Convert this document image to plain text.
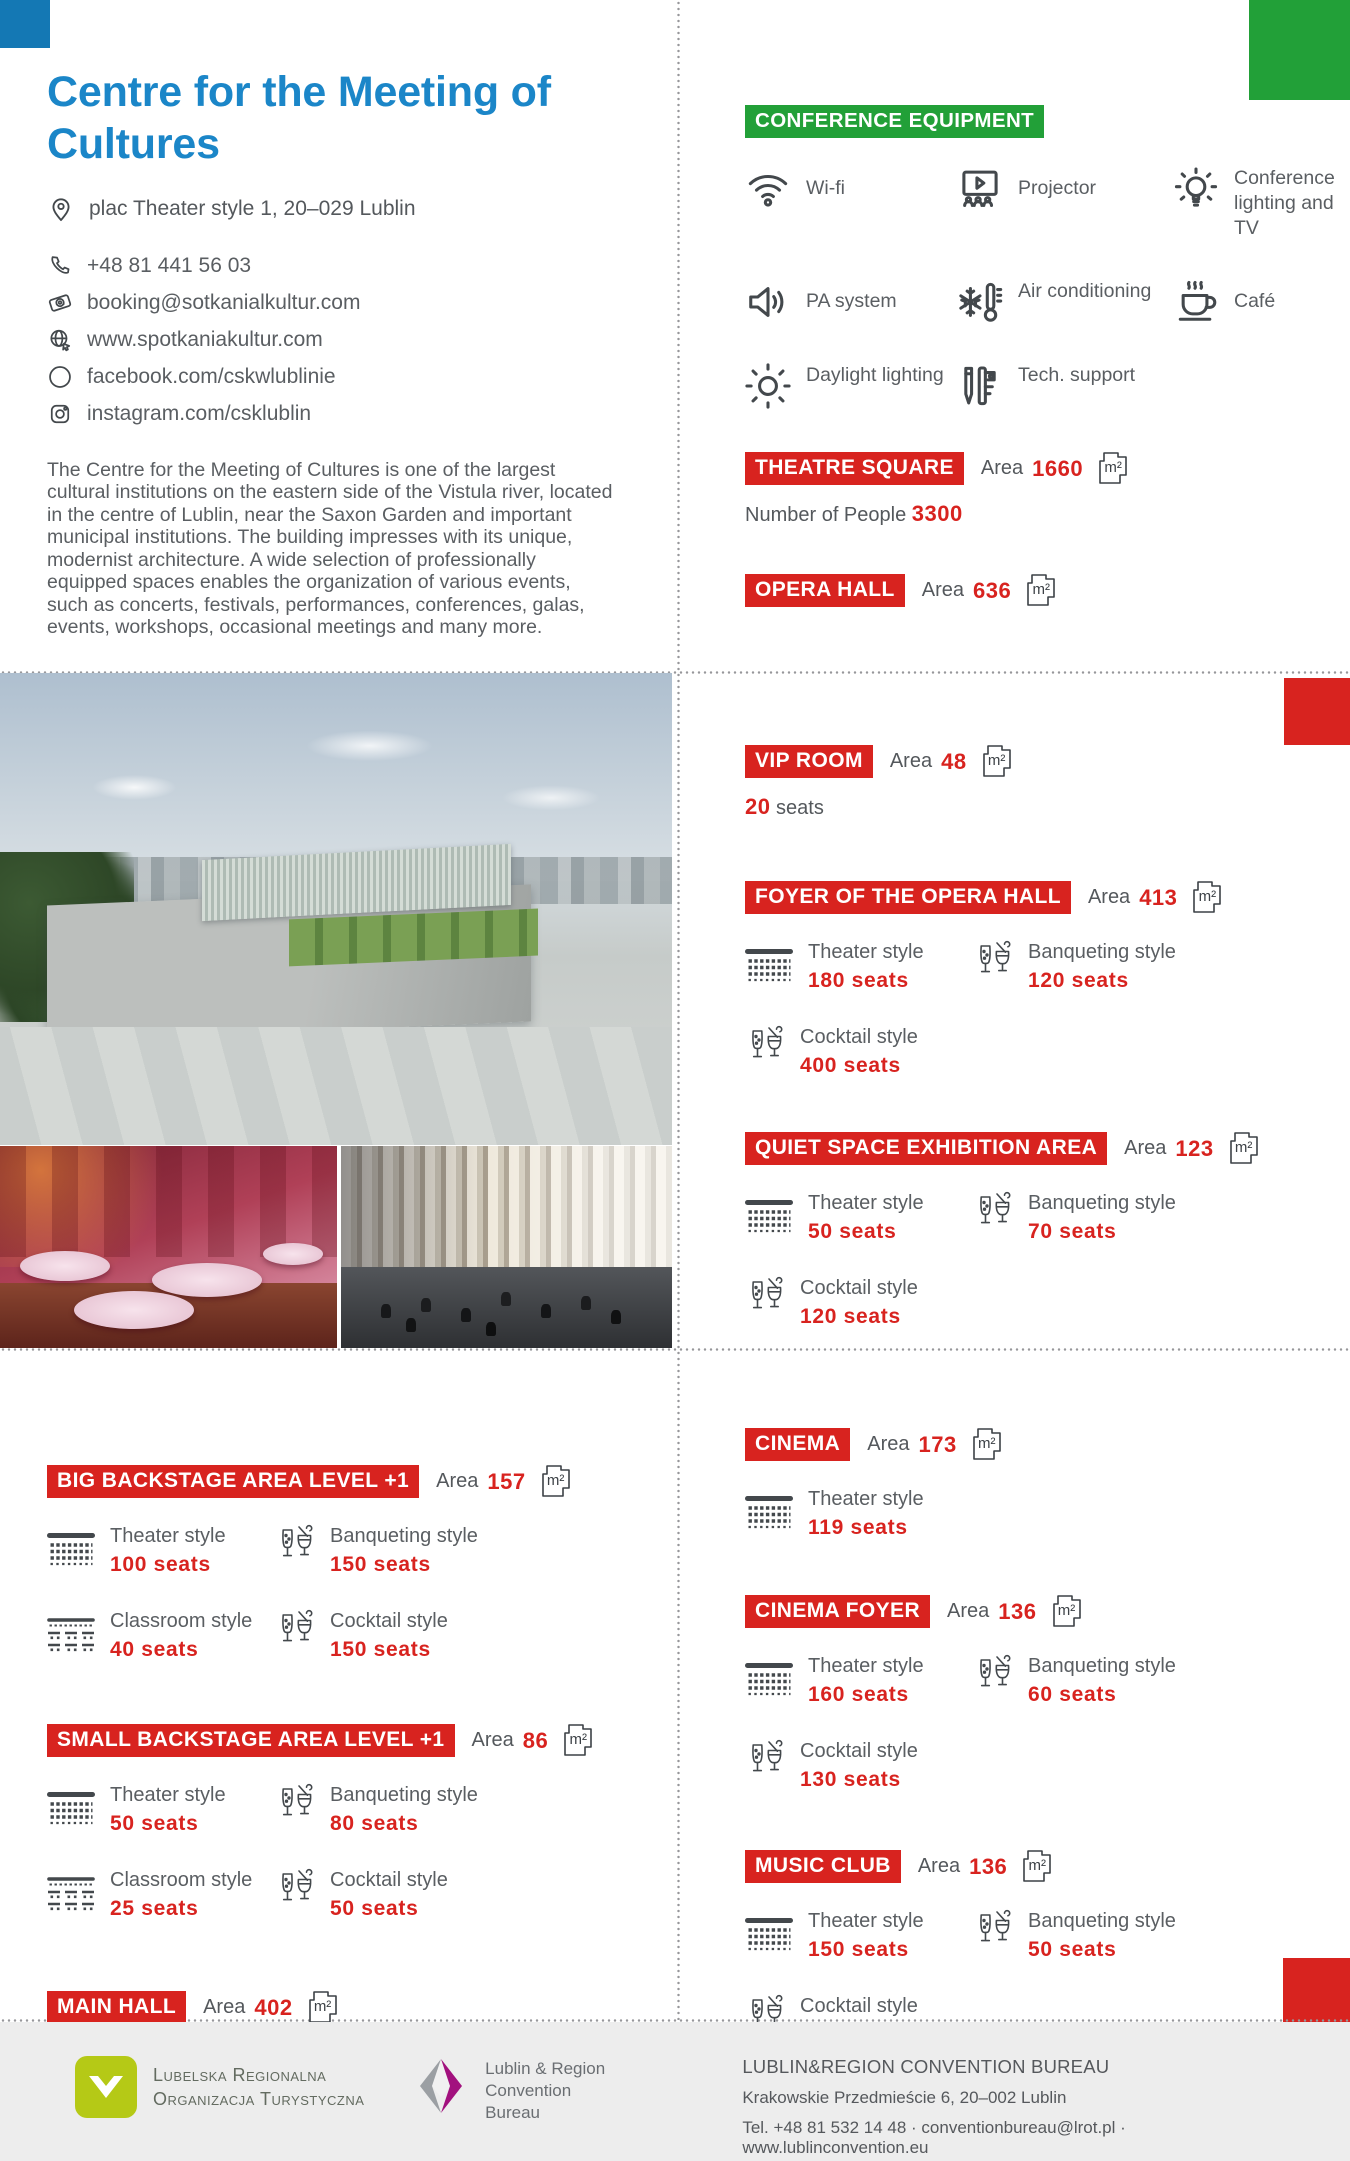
Centre for the Meeting of Cultures
plac Theater style 1, 20–029 Lublin
+48 81 441 56 03
booking@sotkanialkultur.com
www.spotkaniakultur.com
facebook.com/cskwlublinie
instagram.com/csklublin

The Centre for the Meeting of Cultures is one of the largest cultural institutions on the eastern side of the Vistula river, located in the centre of Lublin, near the Saxon Garden and important municipal institutions. The building impresses with its unique, modernist architecture. A wide selection of professionally equipped spaces enables the organization of various events, such as concerts, festivals, performances, conferences, galas, events, workshops, occasional meetings and many more.

CONFERENCE EQUIPMENT
Wi-fi	Projector	Conference lighting and TV
PA system	Air conditioning	Café
Daylight lighting	Tech. support
THEATRE SQUARE	Area 1660	m²
Number of People 3300
OPERA HALL	Area 636	m²
VIP ROOM	Area 48	m²
20 seats
FOYER OF THE OPERA HALL	Area 413	m²
Theater style
180 seats
Banqueting style
120 seats
Cocktail style
400 seats
QUIET SPACE EXHIBITION AREA	Area 123	m²
Theater style
50 seats
Banqueting style
70 seats
Cocktail style
120 seats
BIG BACKSTAGE AREA LEVEL +1	Area 157	m²
Theater style
100 seats
Banqueting style
150 seats
Classroom style
40 seats
Cocktail style
150 seats
SMALL BACKSTAGE AREA LEVEL +1	Area 86	m²
Theater style
50 seats
Banqueting style
80 seats
Classroom style
25 seats
Cocktail style
50 seats
MAIN HALL	Area 402	m²
CINEMA	Area 173	m²
Theater style
119 seats
CINEMA FOYER	Area 136	m²
Theater style
160 seats
Banqueting style
60 seats
Cocktail style
130 seats
MUSIC CLUB	Area 136	m²
Theater style
150 seats
Banqueting style
50 seats
Cocktail style
Lubelska Regionalna
Organizacja Turystyczna
Lublin & Region
Convention
Bureau
LUBLIN&REGION CONVENTION BUREAU
Krakowskie Przedmieście 6, 20–002 Lublin
Tel. +48 81 532 14 48 · conventionbureau@lrot.pl · www.lublinconvention.eu
